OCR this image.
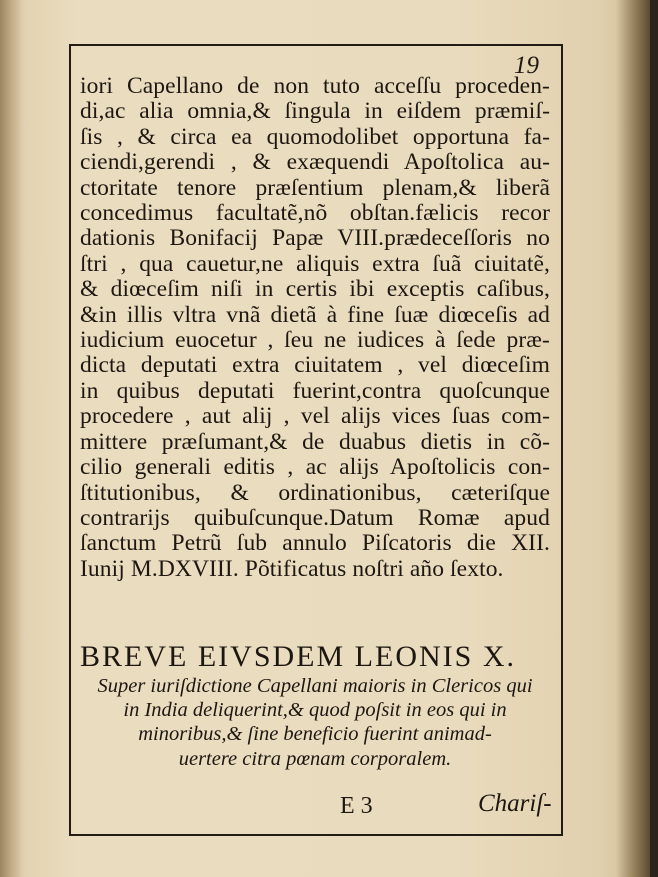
19
iori Capellano de non tuto acceſſu proceden-
di,ac alia omnia,& ſingula in eiſdem præmiſ-
ſis , & circa ea quomodolibet opportuna fa-
ciendi,gerendi , & exæquendi Apoſtolica au-
ctoritate tenore præſentium plenam,& liberã
concedimus facultatẽ,nõ obſtan.fælicis recor
dationis Bonifacij Papæ VIII.prædeceſſoris no
ſtri , qua cauetur,ne aliquis extra ſuã ciuitatẽ,
& diœceſim niſi in certis ibi exceptis caſibus,
&in illis vltra vnã dietã à fine ſuæ diœceſis ad
iudicium euocetur , ſeu ne iudices à ſede præ-
dicta deputati extra ciuitatem , vel diœceſim
in quibus deputati fuerint,contra quoſcunque
procedere , aut alij , vel alijs vices ſuas com-
mittere præſumant,& de duabus dietis in cõ-
cilio generali editis , ac alijs Apoſtolicis con-
ſtitutionibus, & ordinationibus, cæteriſque
contrarijs quibuſcunque.Datum Romæ apud
ſanctum Petrũ ſub annulo Piſcatoris die XII.
Iunij M.DXVIII. Põtificatus noſtri año ſexto.
BREVE EIVSDEM LEONIS X.
Super iuriſdictione Capellani maioris in Clericos qui
in India deliquerint,& quod poſsit in eos qui in
minoribus,& ſine beneficio fuerint animad-
uertere citra pœnam corporalem.
E 3	Chariſ-
